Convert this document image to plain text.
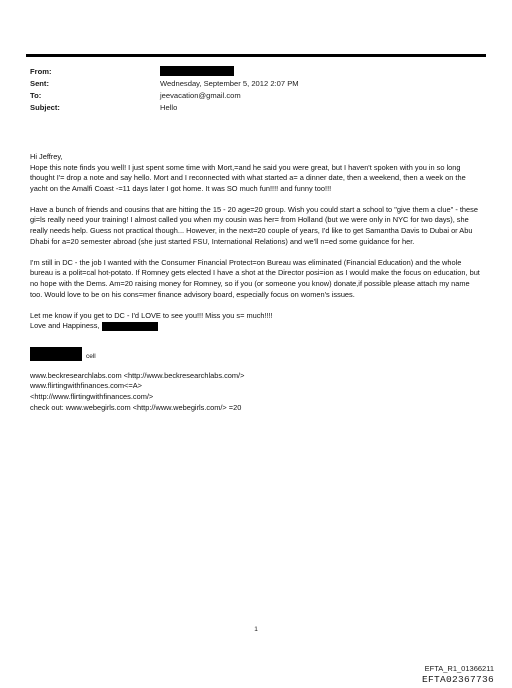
From:
Sent:	Wednesday, September 5, 2012 2:07 PM
To:	jeevacation@gmail.com
Subject:	Hello

Hi Jeffrey,
Hope this note finds you well! I just spent some time with Mort,=and he said you were great, but I haven't spoken with you in so long thought I'= drop a note and say hello. Mort and I reconnected with what started a= a dinner date, then a weekend, then a week on the yacht on the Amalfi Coast -=11 days later I got home. It was SO much fun!!!! and funny too!!!

Have a bunch of friends and cousins that are hitting the 15 - 20 age=20 group. Wish you could start a school to "give them a clue" - these gi=ls really need your training! I almost called you when my cousin was her= from Holland (but we were only in NYC for two days), she really needs help. Guess not practical though... However, in the next=20 couple of years, I'd like to get Samantha Davis to Dubai or Abu Dhabi for a=20 semester abroad (she just started FSU, International Relations) and we'll n=ed some guidance for her.

I'm still in DC - the job I wanted with the Consumer Financial Protect=on Bureau was eliminated (Financial Education) and the whole bureau is a polit=cal hot-potato. If Romney gets elected I have a shot at the Director posi=ion as I would make the focus on education, but no hope with the Dems. Am=20 raising money for Romney, so if you (or someone you know) donate,if possible please attach my name too. Would love to be on his cons=mer finance advisory board, especially focus on women's issues.

Let me know if you get to DC - I'd LOVE to see you!!! Miss you s= much!!!!
Love and Happiness,

cell
www.beckresearchlabs.com <http://www.beckresearchlabs.com/>
www.flirtingwithfinances.com<=A>
<http://www.flirtingwithfinances.com/>
check out: www.webegirls.com <http://www.webegirls.com/> =20
1
EFTA_R1_01366211
EFTA02367736
